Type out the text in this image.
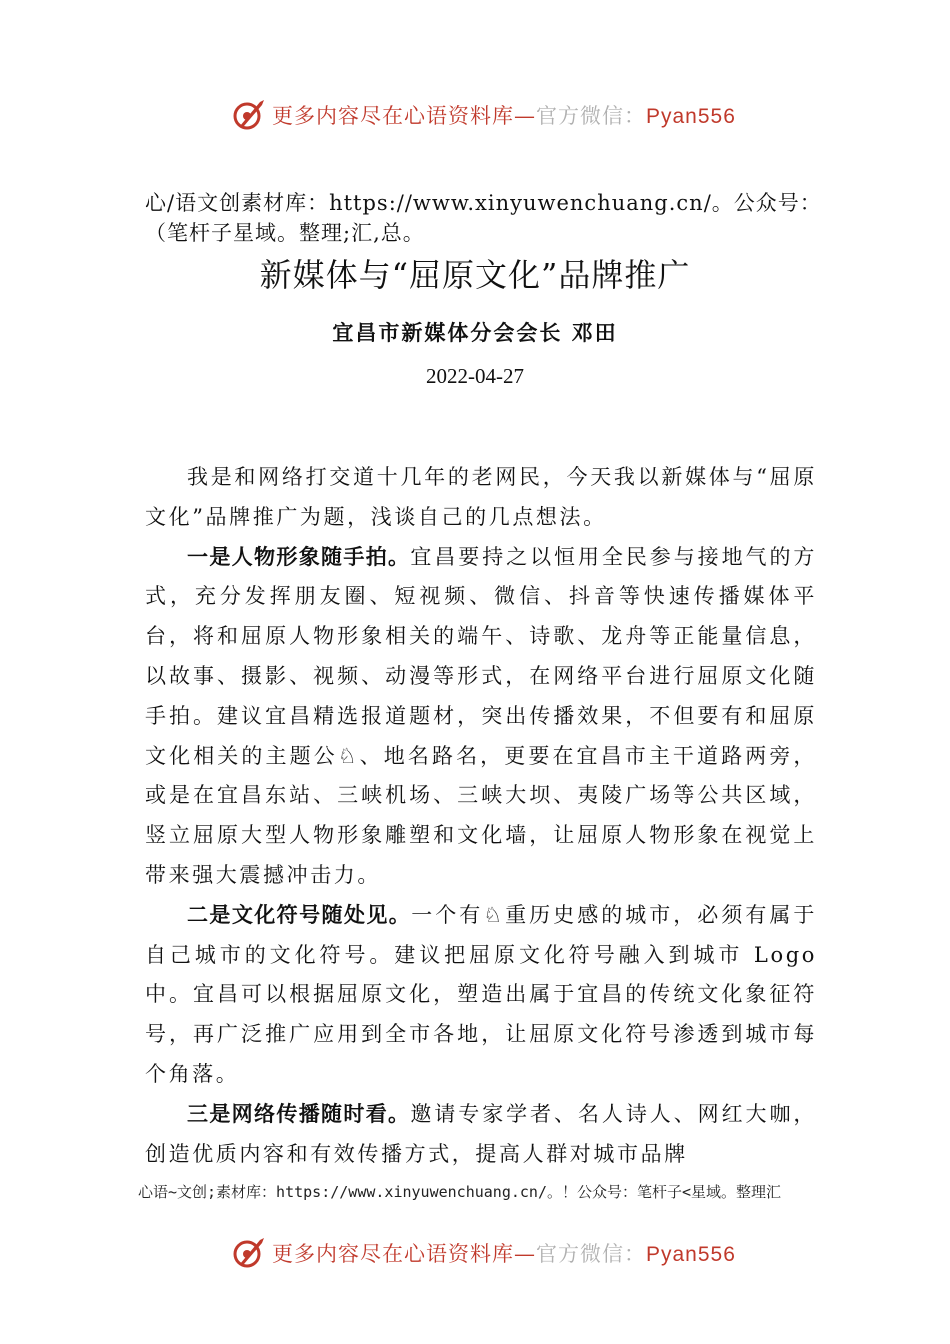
更多内容尽在心语资料库—官方微信：Pyan556
心/语文创素材库：https://www.xinyuwenchuang.cn/。公众号：（笔杆子星域。整理;汇,总。
新媒体与“屈原文化”品牌推广
宜昌市新媒体分会会长 邓田
2022-04-27

我是和网络打交道十几年的老网民，今天我以新媒体与“屈原文化”品牌推广为题，浅谈自己的几点想法。

一是人物形象随手拍。宜昌要持之以恒用全民参与接地气的方式，充分发挥朋友圈、短视频、微信、抖音等快速传播媒体平台，将和屈原人物形象相关的端午、诗歌、龙舟等正能量信息，以故事、摄影、视频、动漫等形式，在网络平台进行屈原文化随手拍。建议宜昌精选报道题材，突出传播效果，不但要有和屈原文化相关的主题公♘、地名路名，更要在宜昌市主干道路两旁，或是在宜昌东站、三峡机场、三峡大坝、夷陵广场等公共区域，竖立屈原大型人物形象雕塑和文化墙，让屈原人物形象在视觉上带来强大震撼冲击力。

二是文化符号随处见。一个有♘重历史感的城市，必须有属于自己城市的文化符号。建议把屈原文化符号融入到城市 Logo 中。宜昌可以根据屈原文化，塑造出属于宜昌的传统文化象征符号，再广泛推广应用到全市各地，让屈原文化符号渗透到城市每个角落。

三是网络传播随时看。邀请专家学者、名人诗人、网红大咖，创造优质内容和有效传播方式，提高人群对城市品牌

心语~文创;素材库：https://www.xinyuwenchuang.cn/。！公众号：笔杆子<星域。整理汇
更多内容尽在心语资料库—官方微信：Pyan556
